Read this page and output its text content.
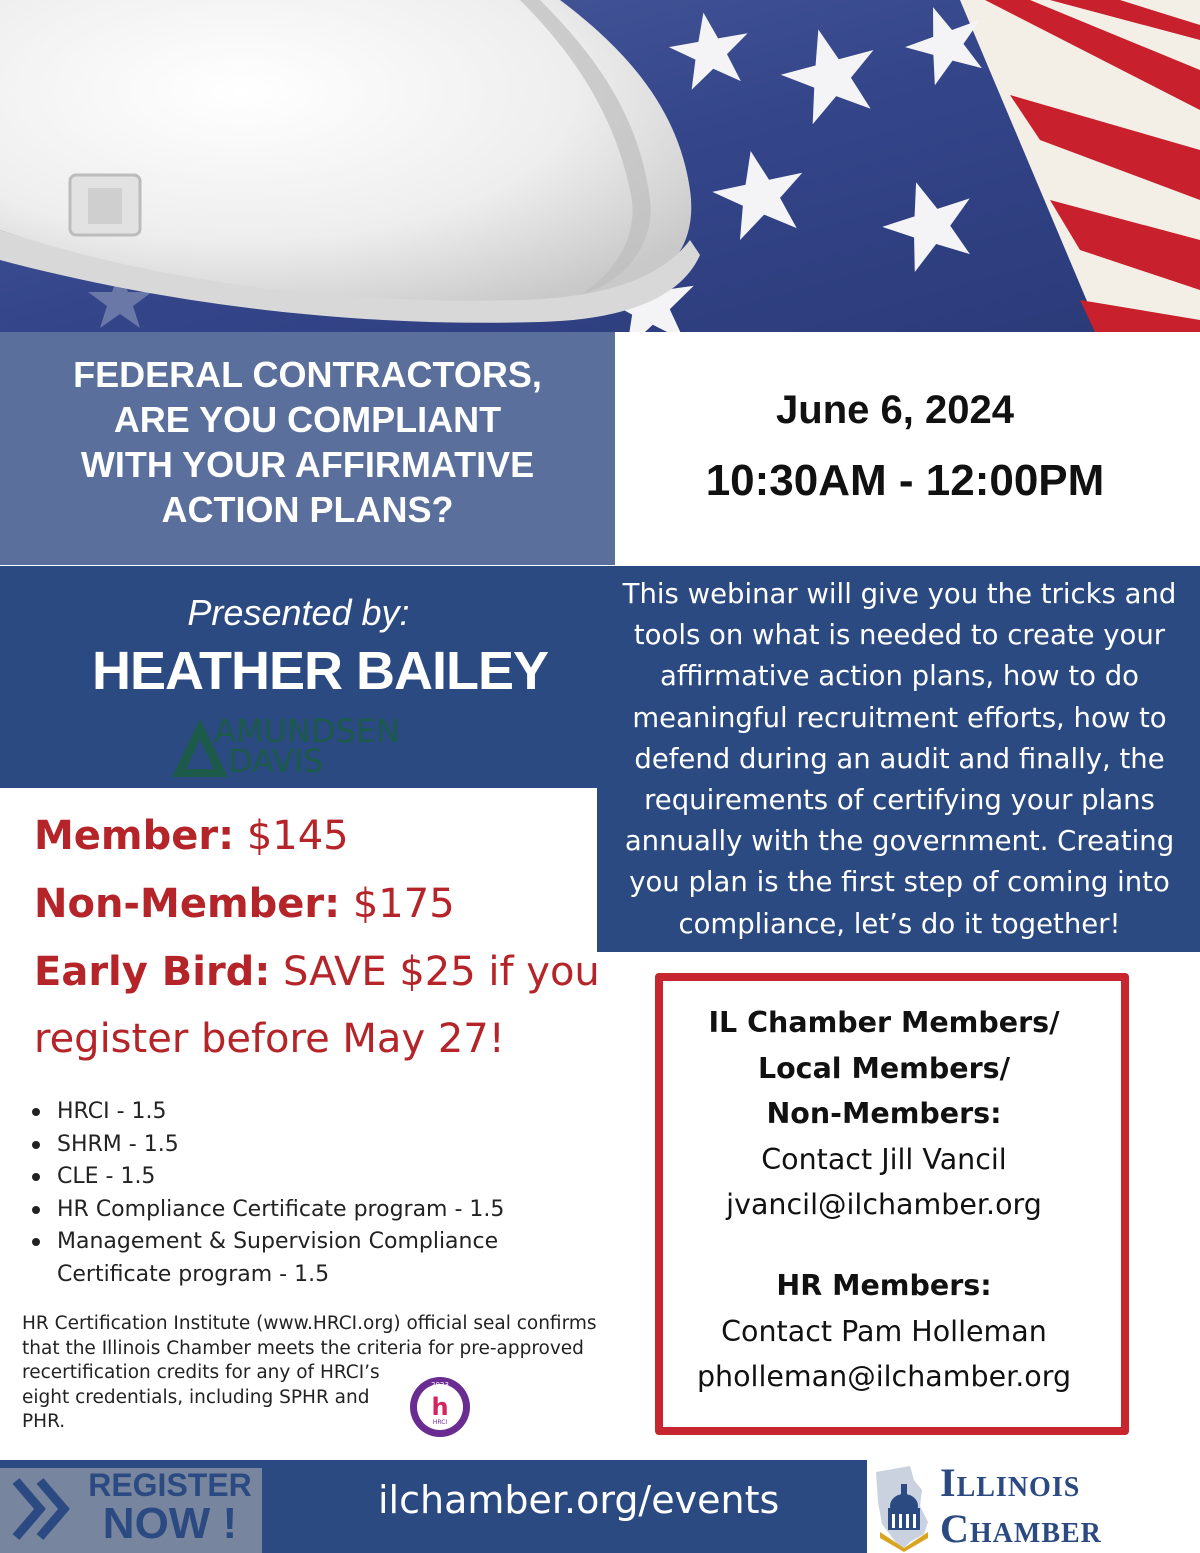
FEDERAL CONTRACTORS,
ARE YOU COMPLIANT
WITH YOUR AFFIRMATIVE
ACTION PLANS?
June 6, 2024
10:30AM - 12:00PM
Presented by:
HEATHER BAILEY
AMUNDSEN
DAVIS
This webinar will give you the tricks and
tools on what is needed to create your
affirmative action plans, how to do
meaningful recruitment efforts, how to
defend during an audit and finally, the
requirements of certifying your plans
annually with the government. Creating
you plan is the first step of coming into
compliance, let’s do it together!
Member: $145
Non-Member: $175
Early Bird: SAVE $25 if you
register before May 27!
HRCI - 1.5
SHRM - 1.5
CLE - 1.5
HR Compliance Certificate program - 1.5
Management & Supervision Compliance
Certificate program - 1.5
HR Certification Institute (www.HRCI.org) official seal confirms
that the Illinois Chamber meets the criteria for pre-approved
recertification credits for any of HRCI’s
eight credentials, including SPHR and
PHR.
2023
h
HRCI
IL Chamber Members/
Local Members/
Non-Members:
Contact Jill Vancil
jvancil@ilchamber.org
HR Members:
Contact Pam Holleman
pholleman@ilchamber.org
REGISTER
NOW !	ilchamber.org/events	Illinois
Chamber
